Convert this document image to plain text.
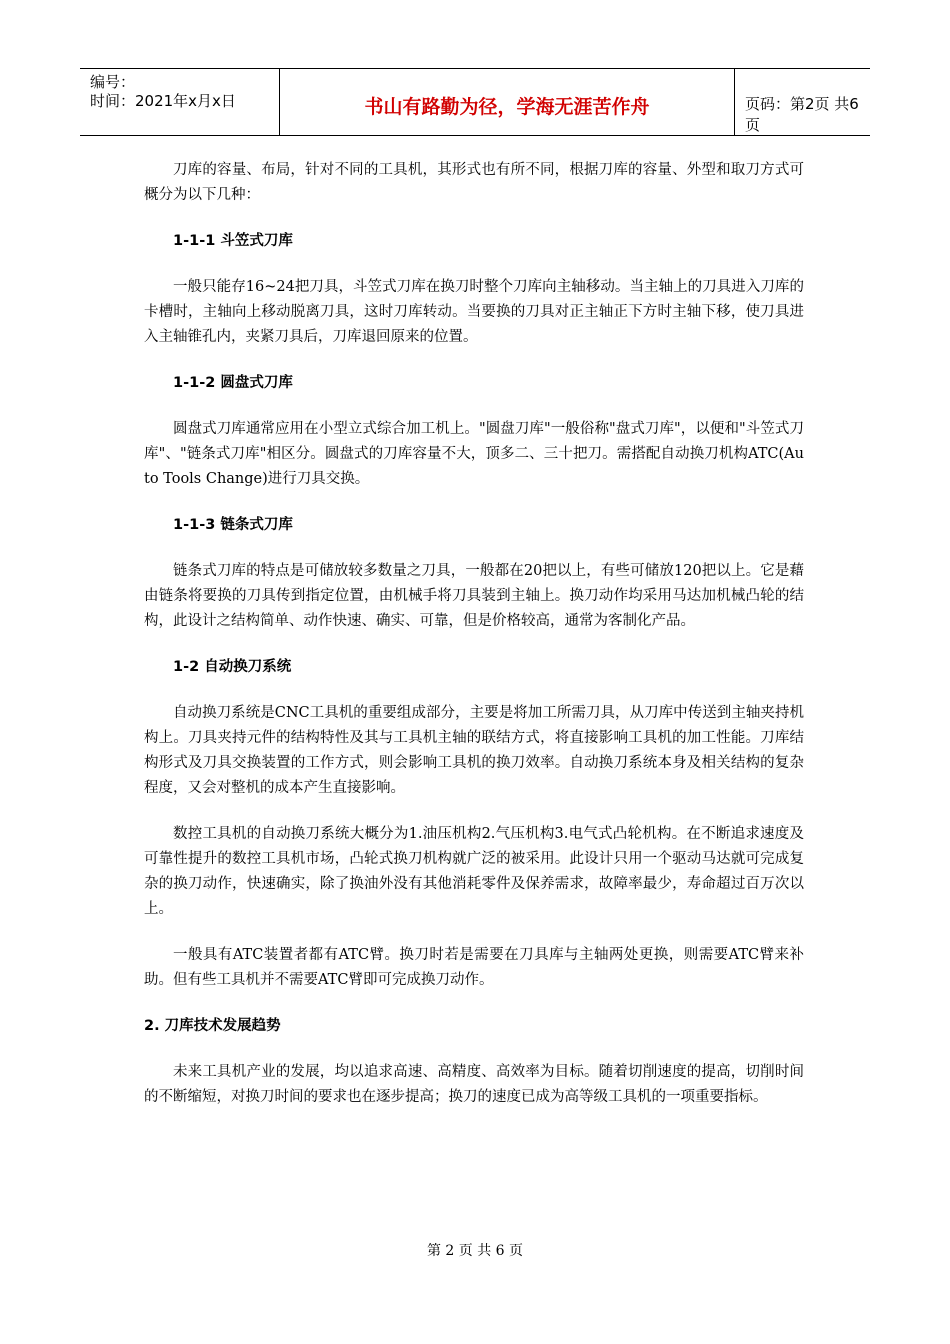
编号：
时间：2021年x月x日	书山有路勤为径，学海无涯苦作舟	页码：第2页 共6页

刀库的容量、布局，针对不同的工具机，其形式也有所不同，根据刀库的容量、外型和取刀方式可概分为以下几种：

1-1-1 斗笠式刀库

一般只能存16~24把刀具，斗笠式刀库在换刀时整个刀库向主轴移动。当主轴上的刀具进入刀库的卡槽时，主轴向上移动脱离刀具，这时刀库转动。当要换的刀具对正主轴正下方时主轴下移，使刀具进入主轴锥孔内，夹紧刀具后，刀库退回原来的位置。

1-1-2 圆盘式刀库

圆盘式刀库通常应用在小型立式综合加工机上。"圆盘刀库"一般俗称"盘式刀库"，以便和"斗笠式刀库"、"链条式刀库"相区分。圆盘式的刀库容量不大，顶多二、三十把刀。需搭配自动换刀机构ATC(Auto Tools Change)进行刀具交换。

1-1-3 链条式刀库

链条式刀库的特点是可储放较多数量之刀具，一般都在20把以上，有些可储放120把以上。它是藉由链条将要换的刀具传到指定位置，由机械手将刀具装到主轴上。换刀动作均采用马达加机械凸轮的结构，此设计之结构简单、动作快速、确实、可靠，但是价格较高，通常为客制化产品。

1-2 自动换刀系统

自动换刀系统是CNC工具机的重要组成部分，主要是将加工所需刀具，从刀库中传送到主轴夹持机构上。刀具夹持元件的结构特性及其与工具机主轴的联结方式，将直接影响工具机的加工性能。刀库结构形式及刀具交换装置的工作方式，则会影响工具机的换刀效率。自动换刀系统本身及相关结构的复杂程度，又会对整机的成本产生直接影响。

数控工具机的自动换刀系统大概分为1.油压机构2.气压机构3.电气式凸轮机构。在不断追求速度及可靠性提升的数控工具机市场，凸轮式换刀机构就广泛的被采用。此设计只用一个驱动马达就可完成复杂的换刀动作，快速确实，除了换油外没有其他消耗零件及保养需求，故障率最少，寿命超过百万次以上。

一般具有ATC装置者都有ATC臂。换刀时若是需要在刀具库与主轴两处更换，则需要ATC臂来补助。但有些工具机并不需要ATC臂即可完成换刀动作。

2. 刀库技术发展趋势

未来工具机产业的发展，均以追求高速、高精度、高效率为目标。随着切削速度的提高，切削时间的不断缩短，对换刀时间的要求也在逐步提高；换刀的速度已成为高等级工具机的一项重要指标。

第 2 页 共 6 页
